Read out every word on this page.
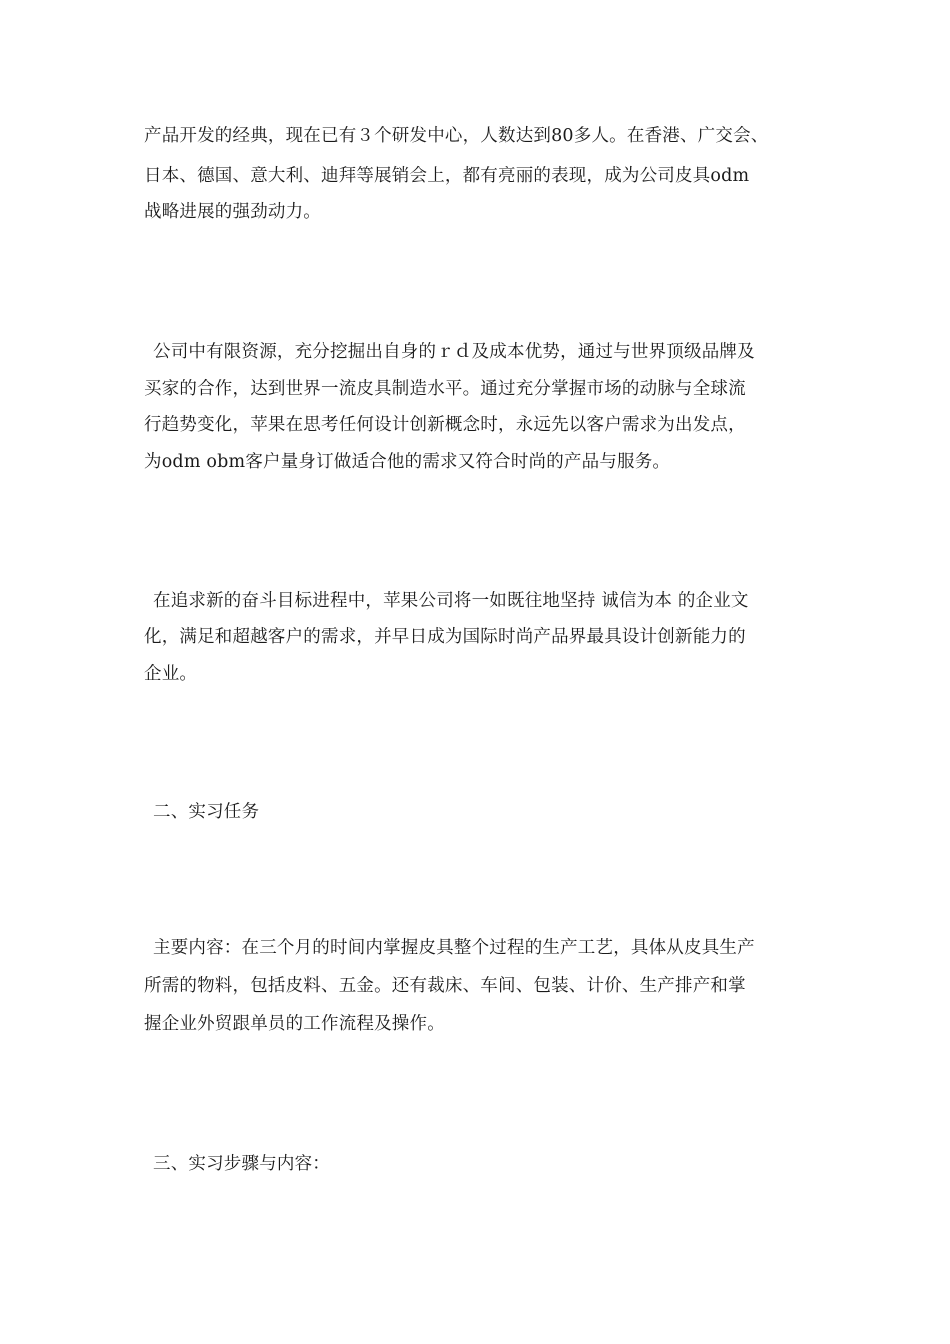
产品开发的经典，现在已有３个研发中心，人数达到80多人。在香港、广交会、
日本、德国、意大利、迪拜等展销会上，都有亮丽的表现，成为公司皮具odm
战略进展的强劲动力。
公司中有限资源，充分挖掘出自身的ｒｄ及成本优势，通过与世界顶级品牌及
买家的合作，达到世界一流皮具制造水平。通过充分掌握市场的动脉与全球流
行趋势变化，苹果在思考任何设计创新概念时，永远先以客户需求为出发点，
为odm obm客户量身订做适合他的需求又符合时尚的产品与服务。
在追求新的奋斗目标进程中，苹果公司将一如既往地坚持 诚信为本 的企业文
化，满足和超越客户的需求，并早日成为国际时尚产品界最具设计创新能力的
企业。
二、实习任务
主要内容：在三个月的时间内掌握皮具整个过程的生产工艺，具体从皮具生产
所需的物料，包括皮料、五金。还有裁床、车间、包装、计价、生产排产和掌
握企业外贸跟单员的工作流程及操作。
三、实习步骤与内容：
